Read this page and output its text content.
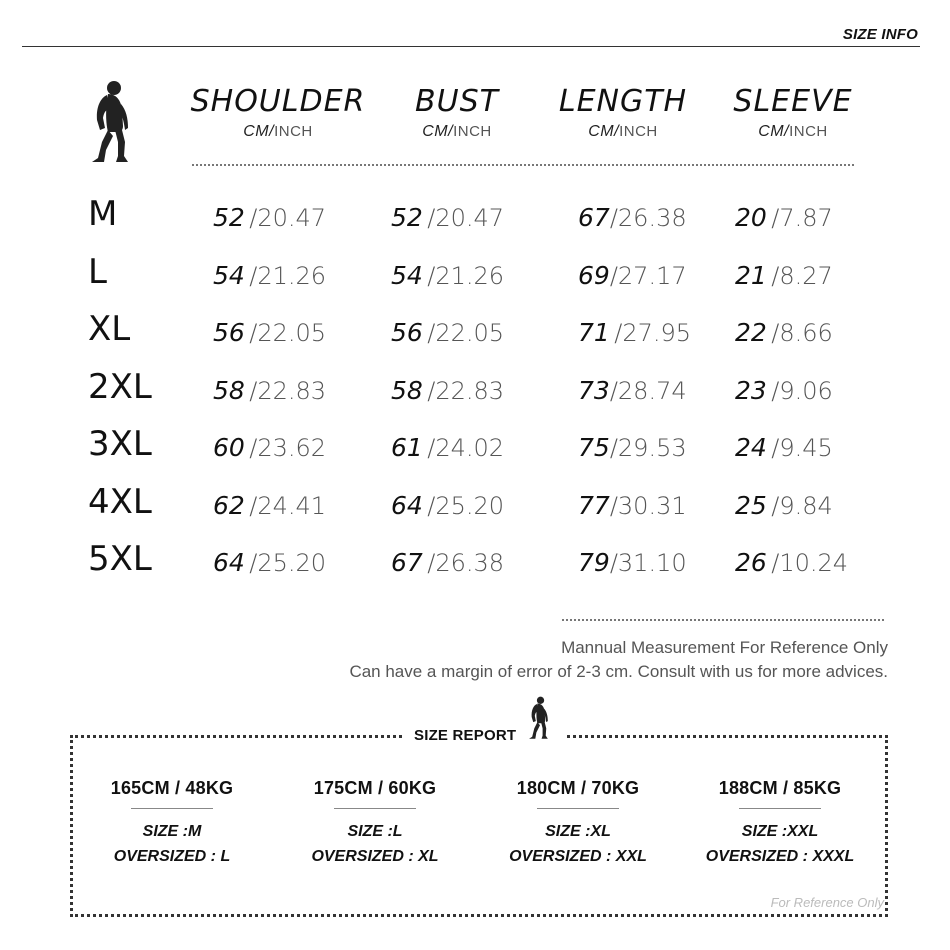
SIZE INFO
SHOULDER
CM/INCH
BUST
CM/INCH
LENGTH
CM/INCH
SLEEVE
CM/INCH
M	52 /20.47	52 /20.47	67/26.38 20 /7.87
L	54 /21.26	54 /21.26	69/27.17 21 /8.27
XL	56 /22.05	56 /22.05	71 /27.95 22 /8.66
2XL 58 /22.83	58 /22.83	73/28.74 23 /9.06
3XL 60 /23.62	61 /24.02	75/29.53 24 /9.45
4XL 62 /24.41	64 /25.20	77/30.31 25 /9.84
5XL 64 /25.20	67 /26.38	79/31.10 26 /10.24
Mannual Measurement For Reference Only
Can have a margin of error of 2-3 cm. Consult with us for more advices.
SIZE REPORT
165CM / 48KG
SIZE :M
OVERSIZED : L
175CM / 60KG
SIZE :L
OVERSIZED : XL
180CM / 70KG
SIZE :XL
OVERSIZED : XXL
188CM / 85KG
SIZE :XXL
OVERSIZED : XXXL
For Reference Only
